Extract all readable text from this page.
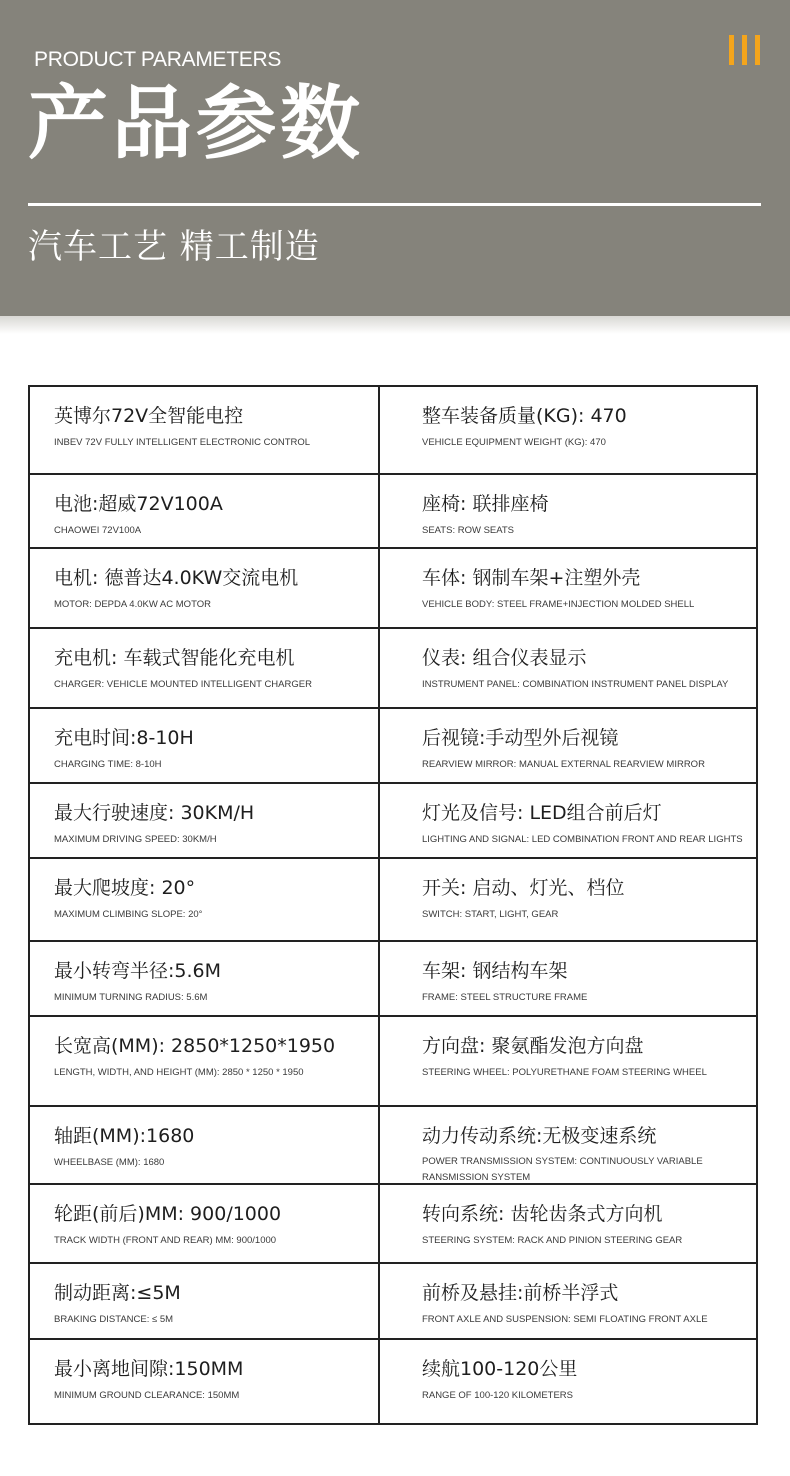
PRODUCT PARAMETERS
产品参数
汽车工艺 精工制造
英博尔72V全智能电控
INBEV 72V FULLY INTELLIGENT ELECTRONIC CONTROL
整车装备质量(KG): 470
VEHICLE EQUIPMENT WEIGHT (KG): 470
电池:超威72V100A
CHAOWEI 72V100A
座椅: 联排座椅
SEATS: ROW SEATS
电机: 德普达4.0KW交流电机
MOTOR: DEPDA 4.0KW AC MOTOR
车体: 钢制车架+注塑外壳
VEHICLE BODY: STEEL FRAME+INJECTION MOLDED SHELL
充电机: 车载式智能化充电机
CHARGER: VEHICLE MOUNTED INTELLIGENT CHARGER
仪表: 组合仪表显示
INSTRUMENT PANEL: COMBINATION INSTRUMENT PANEL DISPLAY
充电时间:8-10H
CHARGING TIME: 8-10H
后视镜:手动型外后视镜
REARVIEW MIRROR: MANUAL EXTERNAL REARVIEW MIRROR
最大行驶速度: 30KM/H
MAXIMUM DRIVING SPEED: 30KM/H
灯光及信号: LED组合前后灯
LIGHTING AND SIGNAL: LED COMBINATION FRONT AND REAR LIGHTS
最大爬坡度: 20°
MAXIMUM CLIMBING SLOPE: 20°
开关: 启动、灯光、档位
SWITCH: START, LIGHT, GEAR
最小转弯半径:5.6M
MINIMUM TURNING RADIUS: 5.6M
车架: 钢结构车架
FRAME: STEEL STRUCTURE FRAME
长宽高(MM): 2850*1250*1950
LENGTH, WIDTH, AND HEIGHT (MM): 2850 * 1250 * 1950
方向盘: 聚氨酯发泡方向盘
STEERING WHEEL: POLYURETHANE FOAM STEERING WHEEL
轴距(MM):1680
WHEELBASE (MM): 1680
动力传动系统:无极变速系统
POWER TRANSMISSION SYSTEM: CONTINUOUSLY VARIABLE RANSMISSION SYSTEM
轮距(前后)MM: 900/1000
TRACK WIDTH (FRONT AND REAR) MM: 900/1000
转向系统: 齿轮齿条式方向机
STEERING SYSTEM: RACK AND PINION STEERING GEAR
制动距离:≤5M
BRAKING DISTANCE: ≤ 5M
前桥及悬挂:前桥半浮式
FRONT AXLE AND SUSPENSION: SEMI FLOATING FRONT AXLE
最小离地间隙:150MM
MINIMUM GROUND CLEARANCE: 150MM
续航100-120公里
RANGE OF 100-120 KILOMETERS
